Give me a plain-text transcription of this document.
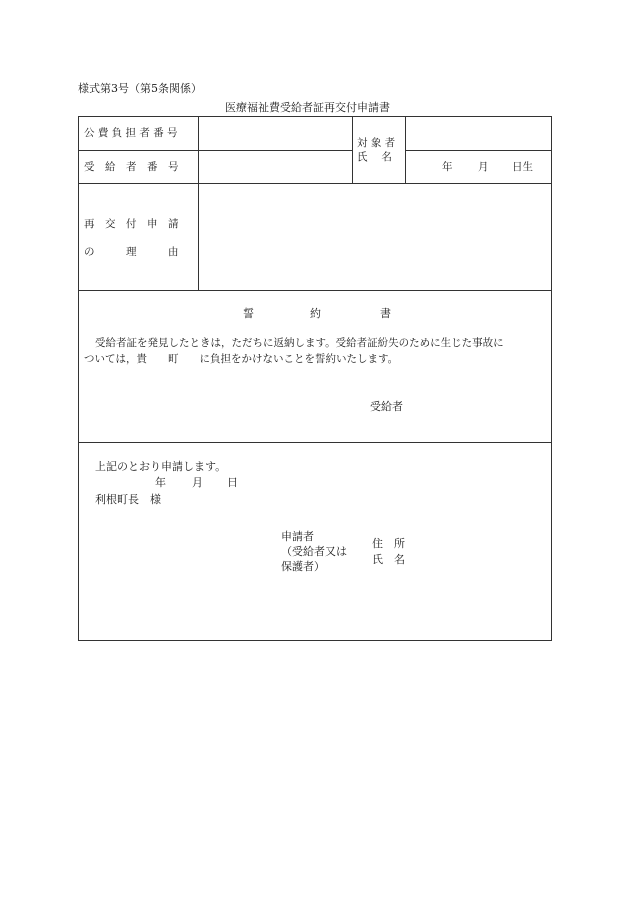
様式第3号（第5条関係）
医療福祉費受給者証再交付申請書
公 費 負 担 者 番 号
受　給　者　番　号
対 象 者
氏　 名
年 月 日生
再　交　付　申　請
の　　　理　　　由
誓	約	書
受給者証を発見したときは，ただちに返納します。受給者証紛失のために生じた事故に
ついては，貴　　町　　に負担をかけないことを誓約いたします。
受給者
上記のとおり申請します。
年 月 日
利根町長　様
申請者
（受給者又は
保護者）
住　所
氏　名
